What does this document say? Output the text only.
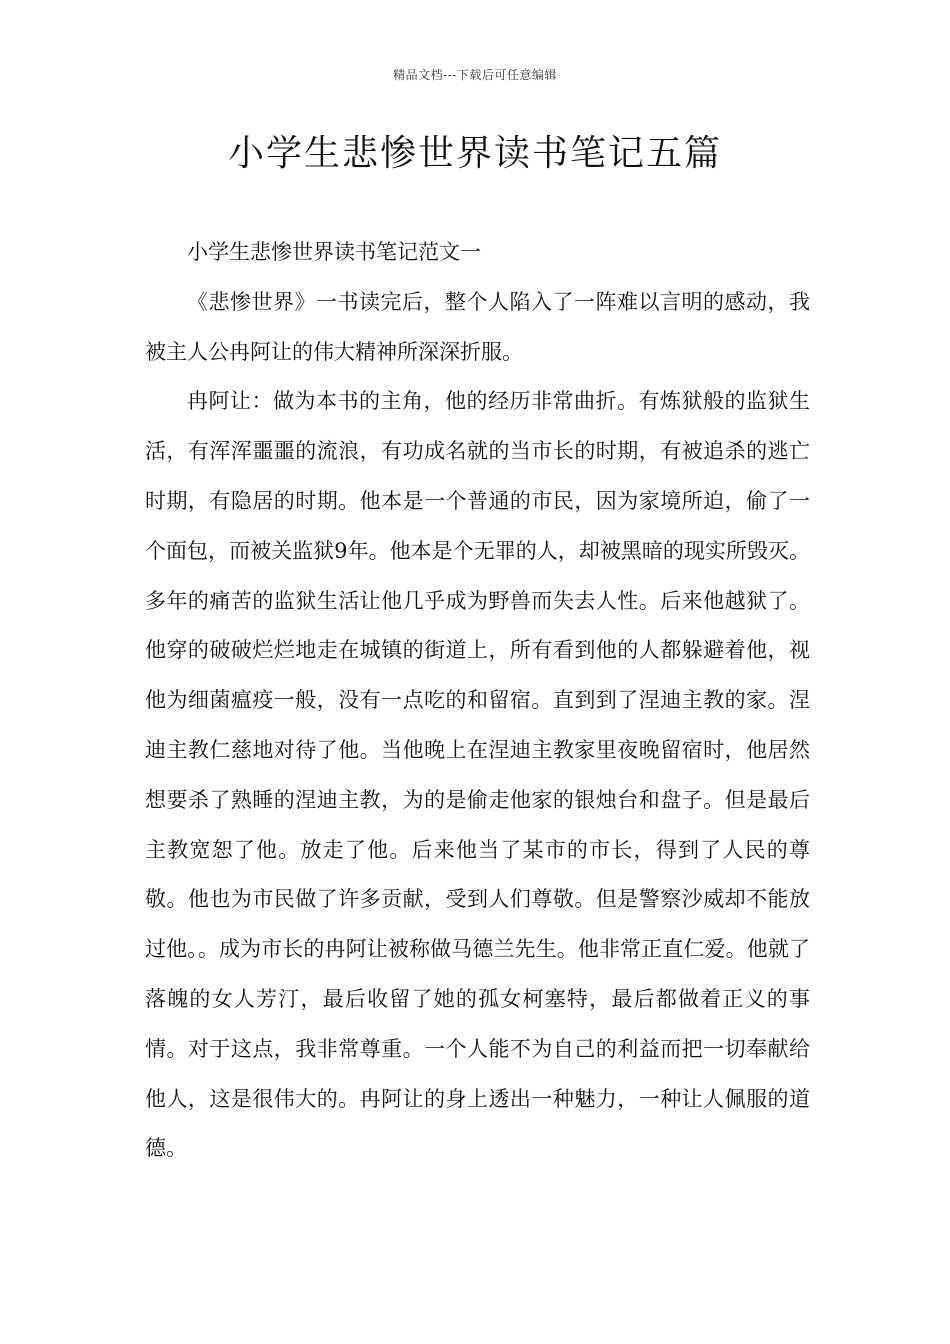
精品文档---下载后可任意编辑
小学生悲惨世界读书笔记五篇

小学生悲惨世界读书笔记范文一

《悲惨世界》一书读完后，整个人陷入了一阵难以言明的感动，我被主人公冉阿让的伟大精神所深深折服。

冉阿让：做为本书的主角，他的经历非常曲折。有炼狱般的监狱生活，有浑浑噩噩的流浪，有功成名就的当市长的时期，有被追杀的逃亡时期，有隐居的时期。他本是一个普通的市民，因为家境所迫，偷了一个面包，而被关监狱9年。他本是个无罪的人，却被黑暗的现实所毁灭。多年的痛苦的监狱生活让他几乎成为野兽而失去人性。后来他越狱了。他穿的破破烂烂地走在城镇的街道上，所有看到他的人都躲避着他，视他为细菌瘟疫一般，没有一点吃的和留宿。直到到了涅迪主教的家。涅迪主教仁慈地对待了他。当他晚上在涅迪主教家里夜晚留宿时，他居然想要杀了熟睡的涅迪主教，为的是偷走他家的银烛台和盘子。但是最后主教宽恕了他。放走了他。后来他当了某市的市长，得到了人民的尊敬。他也为市民做了许多贡献，受到人们尊敬。但是警察沙威却不能放过他。。成为市长的冉阿让被称做马德兰先生。他非常正直仁爱。他就了落魄的女人芳汀，最后收留了她的孤女柯塞特，最后都做着正义的事情。对于这点，我非常尊重。一个人能不为自己的利益而把一切奉献给他人，这是很伟大的。冉阿让的身上透出一种魅力，一种让人佩服的道德。
